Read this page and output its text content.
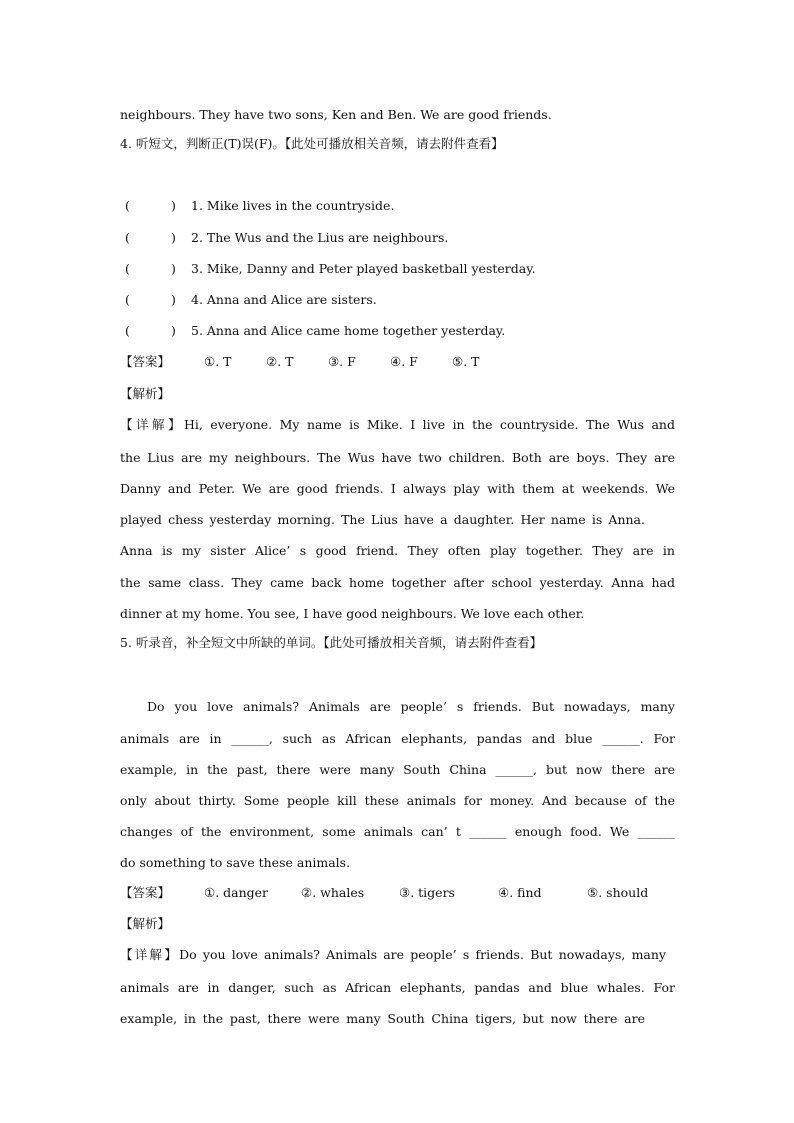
neighbours. They have two sons, Ken and Ben. We are good friends.
4. 听短文，判断正(T)误(F)。【此处可播放相关音频，请去附件查看】
(	) 1. Mike lives in the countryside.
(	) 2. The Wus and the Lius are neighbours.
(	) 3. Mike, Danny and Peter played basketball yesterday.
(	) 4. Anna and Alice are sisters.
(	) 5. Anna and Alice came home together yesterday.
【答案】	①. T	②. T	③. F	④. F	⑤. T
【解析】
【详解】Hi, everyone. My name is Mike. I live in the countryside. The Wus and
the Lius are my neighbours. The Wus have two children. Both are boys. They are
Danny and Peter. We are good friends. I always play with them at weekends. We
played chess yesterday morning. The Lius have a daughter. Her name is Anna.
Anna is my sister Alice’ s good friend. They often play together. They are in
the same class. They came back home together after school yesterday. Anna had
dinner at my home. You see, I have good neighbours. We love each other.
5. 听录音，补全短文中所缺的单词。【此处可播放相关音频，请去附件查看】
Do you love animals? Animals are people’ s friends. But nowadays, many
animals are in ______, such as African elephants, pandas and blue ______. For
example, in the past, there were many South China ______, but now there are
only about thirty. Some people kill these animals for money. And because of the
changes of the environment, some animals can’ t ______ enough food. We ______
do something to save these animals.
【答案】	①. danger	②. whales	③. tigers	④. find	⑤. should
【解析】
【详解】Do you love animals? Animals are people’ s friends. But nowadays, many
animals are in danger, such as African elephants, pandas and blue whales. For
example, in the past, there were many South China tigers, but now there are
